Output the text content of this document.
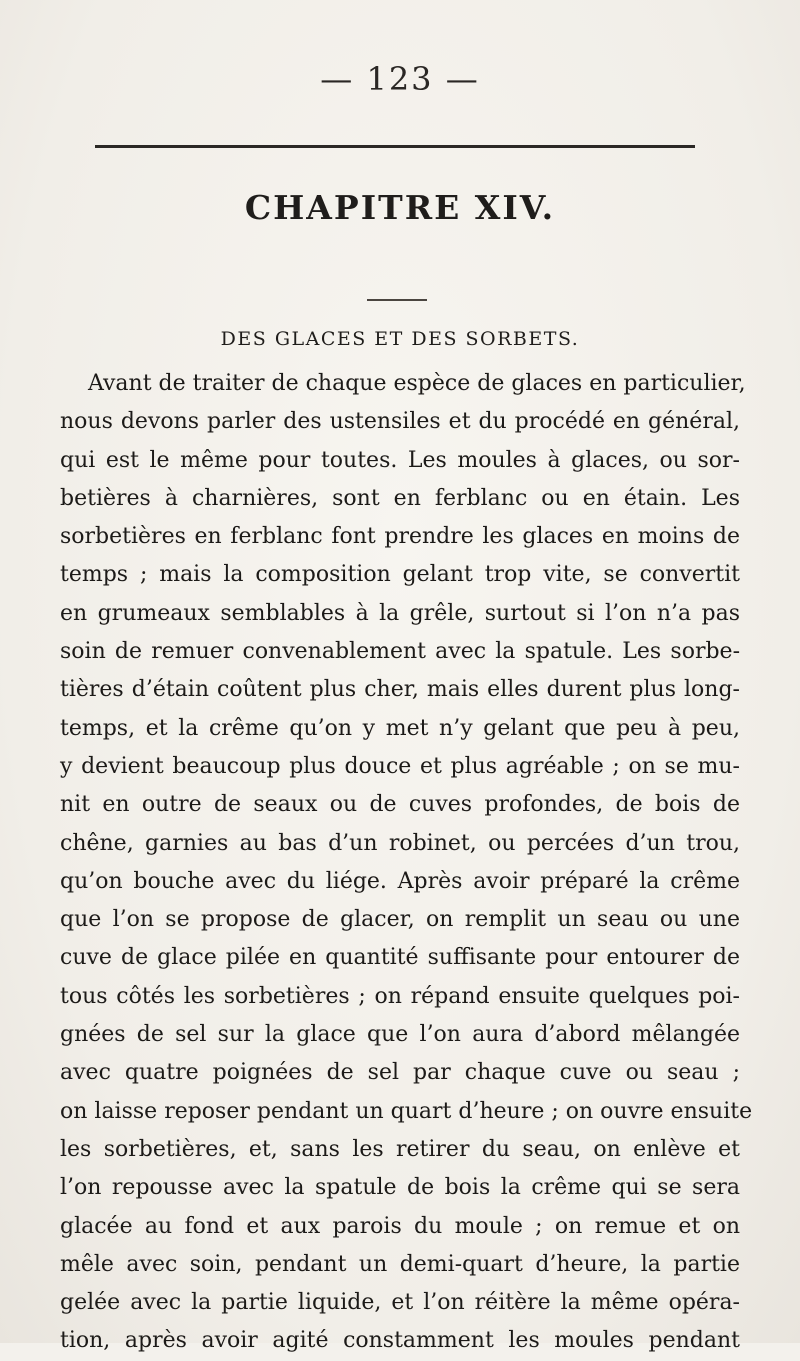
— 123 —
CHAPITRE XIV.
DES GLACES ET DES SORBETS.
Avant de traiter de chaque espèce de glaces en particulier,
nous devons parler des ustensiles et du procédé en général,
qui est le même pour toutes. Les moules à glaces, ou sor-
betières à charnières, sont en ferblanc ou en étain. Les
sorbetières en ferblanc font prendre les glaces en moins de
temps ; mais la composition gelant trop vite, se convertit
en grumeaux semblables à la grêle, surtout si l’on n’a pas
soin de remuer convenablement avec la spatule. Les sorbe-
tières d’étain coûtent plus cher, mais elles durent plus long-
temps, et la crême qu’on y met n’y gelant que peu à peu,
y devient beaucoup plus douce et plus agréable ; on se mu-
nit en outre de seaux ou de cuves profondes, de bois de
chêne, garnies au bas d’un robinet, ou percées d’un trou,
qu’on bouche avec du liége. Après avoir préparé la crême
que l’on se propose de glacer, on remplit un seau ou une
cuve de glace pilée en quantité suffisante pour entourer de
tous côtés les sorbetières ; on répand ensuite quelques poi-
gnées de sel sur la glace que l’on aura d’abord mêlangée
avec quatre poignées de sel par chaque cuve ou seau ;
on laisse reposer pendant un quart d’heure ; on ouvre ensuite
les sorbetières, et, sans les retirer du seau, on enlève et
l’on repousse avec la spatule de bois la crême qui se sera
glacée au fond et aux parois du moule ; on remue et on
mêle avec soin, pendant un demi-quart d’heure, la partie
gelée avec la partie liquide, et l’on réitère la même opéra-
tion, après avoir agité constamment les moules pendant
